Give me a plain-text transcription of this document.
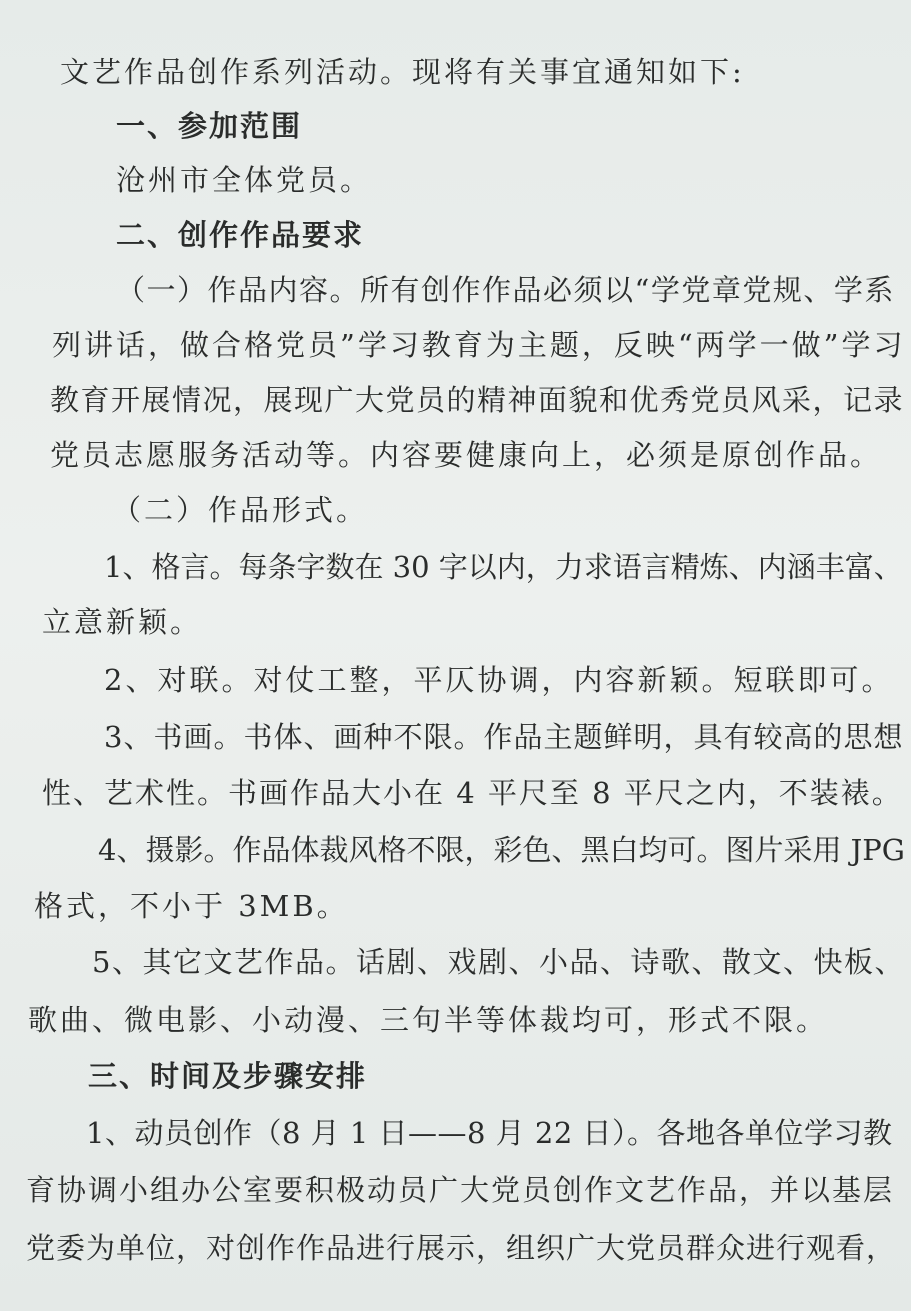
文艺作品创作系列活动。现将有关事宜通知如下:
一、参加范围
沧州市全体党员。
二、创作作品要求
（一）作品内容。所有创作作品必须以“学党章党规、学系
列讲话，做合格党员”学习教育为主题，反映“两学一做”学习
教育开展情况，展现广大党员的精神面貌和优秀党员风采，记录
党员志愿服务活动等。内容要健康向上，必须是原创作品。
（二）作品形式。
1、格言。每条字数在 30 字以内，力求语言精炼、内涵丰富、
立意新颖。
2、对联。对仗工整，平仄协调，内容新颖。短联即可。
3、书画。书体、画种不限。作品主题鲜明，具有较高的思想
性、艺术性。书画作品大小在 4 平尺至 8 平尺之内，不装裱。
4、摄影。作品体裁风格不限，彩色、黑白均可。图片采用 JPG
格式，不小于 3MB。
5、其它文艺作品。话剧、戏剧、小品、诗歌、散文、快板、
歌曲、微电影、小动漫、三句半等体裁均可，形式不限。
三、时间及步骤安排
1、动员创作（8 月 1 日——8 月 22 日）。各地各单位学习教
育协调小组办公室要积极动员广大党员创作文艺作品，并以基层
党委为单位，对创作作品进行展示，组织广大党员群众进行观看，
